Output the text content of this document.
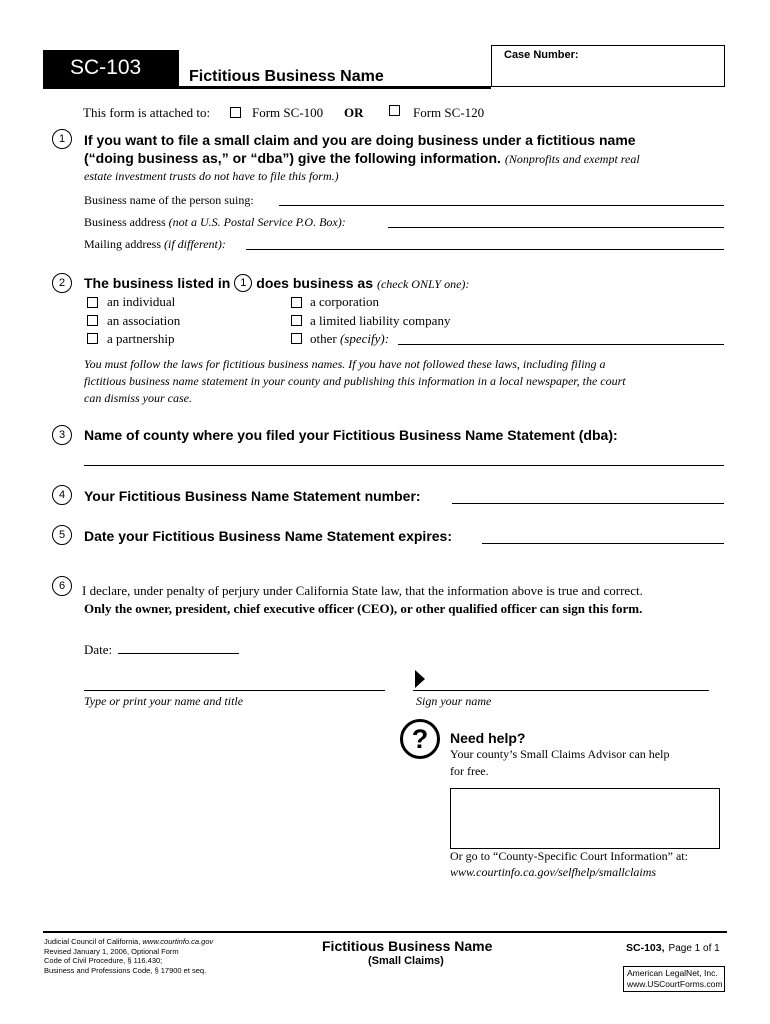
SC-103	Fictitious Business Name
Case Number:
This form is attached to:	Form SC-100 OR	Form SC-120
1	If you want to file a small claim and you are doing business under a fictitious name
(“doing business as,” or “dba”) give the following information. (Nonprofits and exempt real
estate investment trusts do not have to file this form.)
Business name of the person suing:
Business address (not a U.S. Postal Service P.O. Box):
Mailing address (if different):
2	The business listed in 1 does business as (check ONLY one):
an individual
an association
a partnership
a corporation
a limited liability company
other (specify):
You must follow the laws for fictitious business names. If you have not followed these laws, including filing a
fictitious business name statement in your county and publishing this information in a local newspaper, the court
can dismiss your case.
3	Name of county where you filed your Fictitious Business Name Statement (dba):
4	Your Fictitious Business Name Statement number:
5	Date your Fictitious Business Name Statement expires:
6	I declare, under penalty of perjury under California State law, that the information above is true and correct.
Only the owner, president, chief executive officer (CEO), or other qualified officer can sign this form.
Date:
Type or print your name and title	Sign your name
?	Need help?
Your county’s Small Claims Advisor can help
for free.
Or go to “County-Specific Court Information” at:
www.courtinfo.ca.gov/selfhelp/smallclaims
Judicial Council of California, www.courtinfo.ca.gov
Revised January 1, 2006, Optional Form
Code of Civil Procedure, § 116.430;
Business and Professions Code, § 17900 et seq.
Fictitious Business Name
(Small Claims)
SC-103, Page 1 of 1
American LegalNet, Inc.
www.USCourtForms.com
